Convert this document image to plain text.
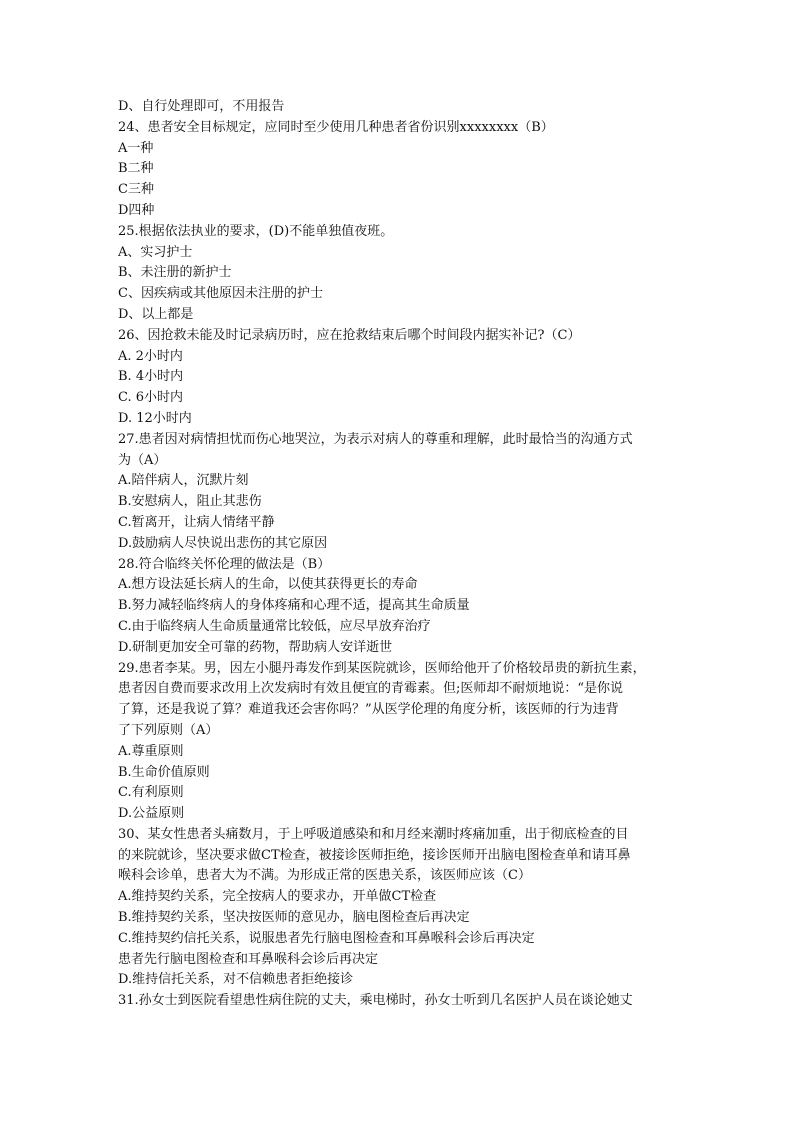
D、自行处理即可，不用报告
24、患者安全目标规定，应同时至少使用几种患者省份识别xxxxxxxx（B）
A一种
B二种
C三种
D四种
25.根据依法执业的要求，(D)不能单独值夜班。
A、实习护士
B、未注册的新护士
C、因疾病或其他原因未注册的护士
D、以上都是
26、因抢救未能及时记录病历时，应在抢救结束后哪个时间段内据实补记?（C）
A. 2小时内
B. 4小时内
C. 6小时内
D. 12小时内
27.患者因对病情担忧而伤心地哭泣，为表示对病人的尊重和理解，此时最恰当的沟通方式
为（A）
A.陪伴病人，沉默片刻
B.安慰病人，阻止其悲伤
C.暂离开，让病人情绪平静
D.鼓励病人尽快说出悲伤的其它原因
28.符合临终关怀伦理的做法是（B）
A.想方设法延长病人的生命，以使其获得更长的寿命
B.努力减轻临终病人的身体疼痛和心理不适，提高其生命质量
C.由于临终病人生命质量通常比较低，应尽早放弃治疗
D.研制更加安全可靠的药物，帮助病人安详逝世
29.患者李某。男，因左小腿丹毒发作到某医院就诊，医师给他开了价格较昂贵的新抗生素，
患者因自费而要求改用上次发病时有效且便宜的青霉素。但;医师却不耐烦地说：“是你说
了算，还是我说了算？难道我还会害你吗？”从医学伦理的角度分析，该医师的行为违背
了下列原则（A）
A.尊重原则
B.生命价值原则
C.有利原则
D.公益原则
30、某女性患者头痛数月，于上呼吸道感染和和月经来潮时疼痛加重，出于彻底检查的目
的来院就诊，坚决要求做CT检查，被接诊医师拒绝，接诊医师开出脑电图检查单和请耳鼻
喉科会诊单，患者大为不满。为形成正常的医患关系，该医师应该（C）
A.维持契约关系，完全按病人的要求办，开单做CT检查
B.维持契约关系，坚决按医师的意见办，脑电图检查后再决定
C.维持契约信托关系，说服患者先行脑电图检查和耳鼻喉科会诊后再决定
患者先行脑电图检查和耳鼻喉科会诊后再决定
D.维持信托关系，对不信赖患者拒绝接诊
31.孙女士到医院看望患性病住院的丈夫，乘电梯时，孙女士听到几名医护人员在谈论她丈
